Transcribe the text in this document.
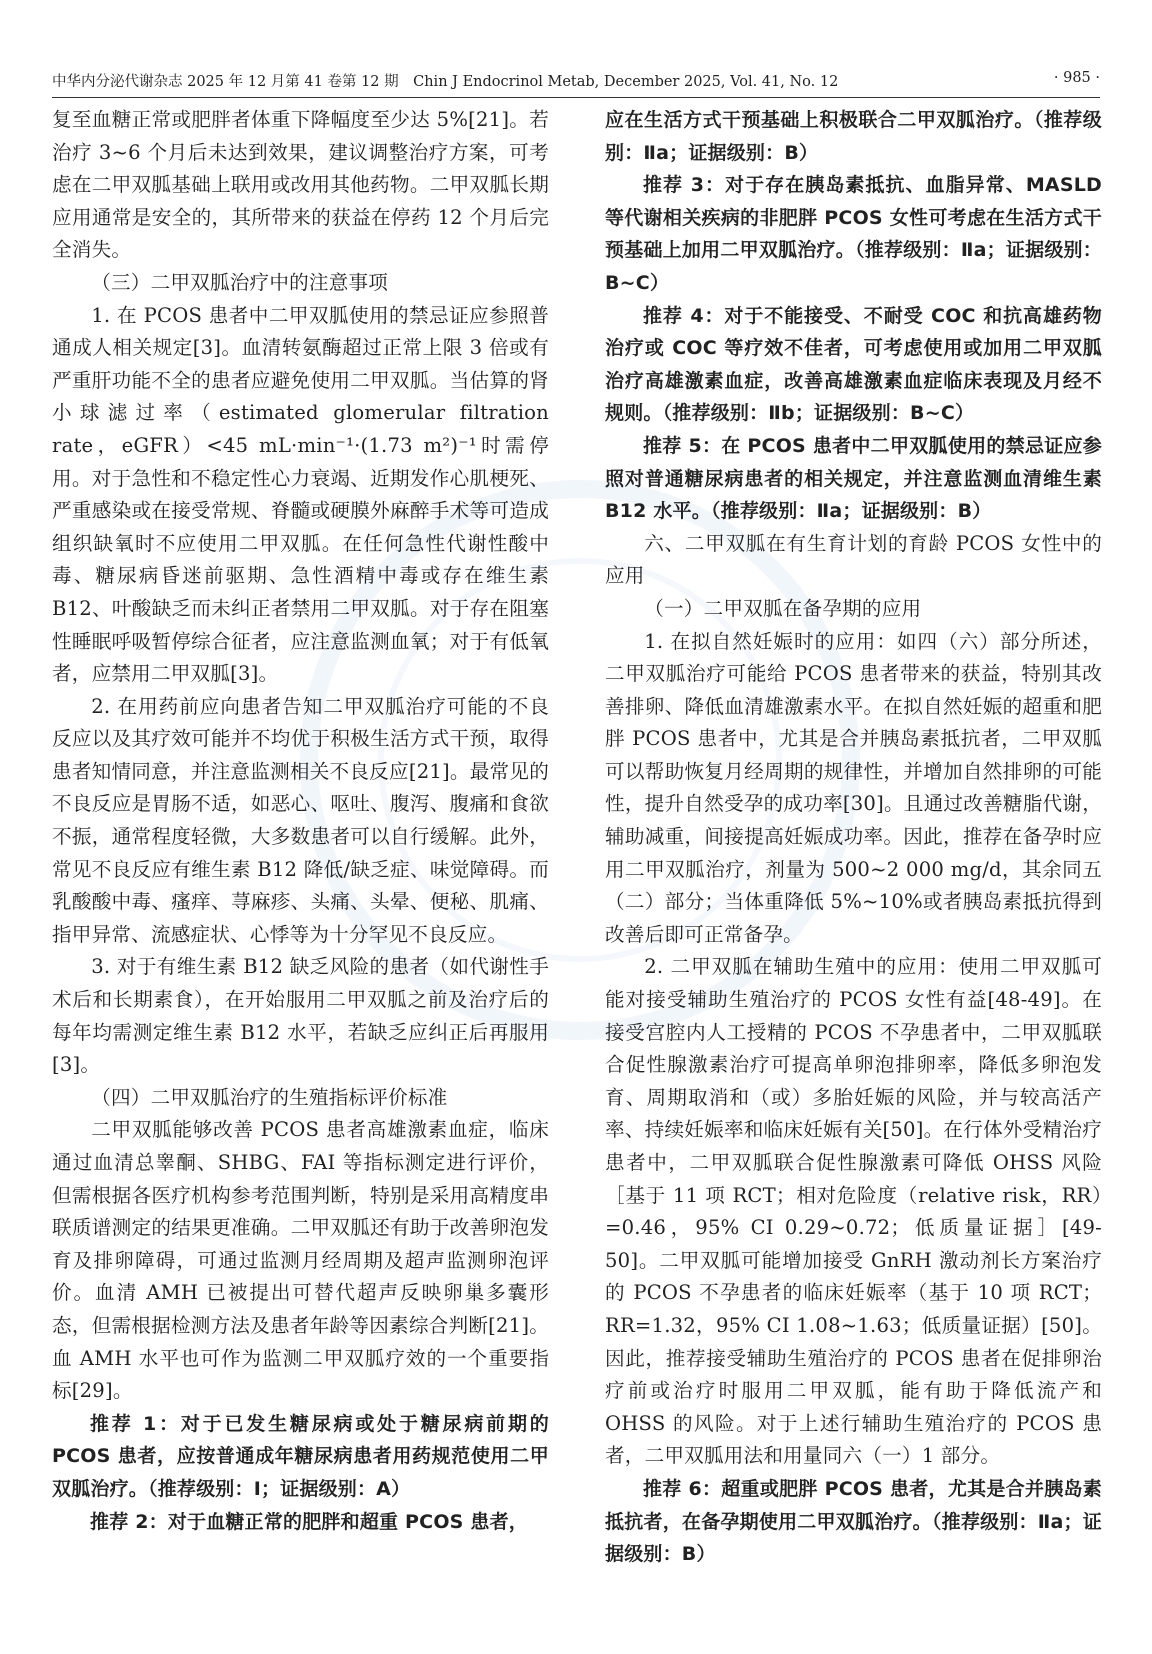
中华内分泌代谢杂志 2025 年 12 月第 41 卷第 12 期　Chin J Endocrinol Metab, December 2025, Vol. 41, No. 12	· 985 ·

复至血糖正常或肥胖者体重下降幅度至少达 5%[21]。若治疗 3~6 个月后未达到效果，建议调整治疗方案，可考虑在二甲双胍基础上联用或改用其他药物。二甲双胍长期应用通常是安全的，其所带来的获益在停药 12 个月后完全消失。

（三）二甲双胍治疗中的注意事项

1. 在 PCOS 患者中二甲双胍使用的禁忌证应参照普通成人相关规定[3]。血清转氨酶超过正常上限 3 倍或有严重肝功能不全的患者应避免使用二甲双胍。当估算的肾小球滤过率（estimated glomerular filtration rate，eGFR）<45 mL·min⁻¹·(1.73 m²)⁻¹时需停用。对于急性和不稳定性心力衰竭、近期发作心肌梗死、严重感染或在接受常规、脊髓或硬膜外麻醉手术等可造成组织缺氧时不应使用二甲双胍。在任何急性代谢性酸中毒、糖尿病昏迷前驱期、急性酒精中毒或存在维生素 B12、叶酸缺乏而未纠正者禁用二甲双胍。对于存在阻塞性睡眠呼吸暂停综合征者，应注意监测血氧；对于有低氧者，应禁用二甲双胍[3]。

2. 在用药前应向患者告知二甲双胍治疗可能的不良反应以及其疗效可能并不均优于积极生活方式干预，取得患者知情同意，并注意监测相关不良反应[21]。最常见的不良反应是胃肠不适，如恶心、呕吐、腹泻、腹痛和食欲不振，通常程度轻微，大多数患者可以自行缓解。此外，常见不良反应有维生素 B12 降低/缺乏症、味觉障碍。而乳酸酸中毒、瘙痒、荨麻疹、头痛、头晕、便秘、肌痛、指甲异常、流感症状、心悸等为十分罕见不良反应。

3. 对于有维生素 B12 缺乏风险的患者（如代谢性手术后和长期素食），在开始服用二甲双胍之前及治疗后的每年均需测定维生素 B12 水平，若缺乏应纠正后再服用[3]。

（四）二甲双胍治疗的生殖指标评价标准

二甲双胍能够改善 PCOS 患者高雄激素血症，临床通过血清总睾酮、SHBG、FAI 等指标测定进行评价，但需根据各医疗机构参考范围判断，特别是采用高精度串联质谱测定的结果更准确。二甲双胍还有助于改善卵泡发育及排卵障碍，可通过监测月经周期及超声监测卵泡评价。血清 AMH 已被提出可替代超声反映卵巢多囊形态，但需根据检测方法及患者年龄等因素综合判断[21]。血 AMH 水平也可作为监测二甲双胍疗效的一个重要指标[29]。

推荐 1：对于已发生糖尿病或处于糖尿病前期的 PCOS 患者，应按普通成年糖尿病患者用药规范使用二甲双胍治疗。（推荐级别：Ⅰ；证据级别：A）

推荐 2：对于血糖正常的肥胖和超重 PCOS 患者，

应在生活方式干预基础上积极联合二甲双胍治疗。（推荐级别：Ⅱa；证据级别：B）

推荐 3：对于存在胰岛素抵抗、血脂异常、MASLD 等代谢相关疾病的非肥胖 PCOS 女性可考虑在生活方式干预基础上加用二甲双胍治疗。（推荐级别：Ⅱa；证据级别：B~C）

推荐 4：对于不能接受、不耐受 COC 和抗高雄药物治疗或 COC 等疗效不佳者，可考虑使用或加用二甲双胍治疗高雄激素血症，改善高雄激素血症临床表现及月经不规则。（推荐级别：Ⅱb；证据级别：B~C）

推荐 5：在 PCOS 患者中二甲双胍使用的禁忌证应参照对普通糖尿病患者的相关规定，并注意监测血清维生素 B12 水平。（推荐级别：Ⅱa；证据级别：B）

六、二甲双胍在有生育计划的育龄 PCOS 女性中的应用

（一）二甲双胍在备孕期的应用

1. 在拟自然妊娠时的应用：如四（六）部分所述，二甲双胍治疗可能给 PCOS 患者带来的获益，特别其改善排卵、降低血清雄激素水平。在拟自然妊娠的超重和肥胖 PCOS 患者中，尤其是合并胰岛素抵抗者，二甲双胍可以帮助恢复月经周期的规律性，并增加自然排卵的可能性，提升自然受孕的成功率[30]。且通过改善糖脂代谢，辅助减重，间接提高妊娠成功率。因此，推荐在备孕时应用二甲双胍治疗，剂量为 500~2 000 mg/d，其余同五（二）部分；当体重降低 5%~10%或者胰岛素抵抗得到改善后即可正常备孕。

2. 二甲双胍在辅助生殖中的应用：使用二甲双胍可能对接受辅助生殖治疗的 PCOS 女性有益[48-49]。在接受宫腔内人工授精的 PCOS 不孕患者中，二甲双胍联合促性腺激素治疗可提高单卵泡排卵率，降低多卵泡发育、周期取消和（或）多胎妊娠的风险，并与较高活产率、持续妊娠率和临床妊娠有关[50]。在行体外受精治疗患者中，二甲双胍联合促性腺激素可降低 OHSS 风险［基于 11 项 RCT；相对危险度（relative risk，RR）=0.46，95% CI 0.29~0.72；低质量证据］[49-50]。二甲双胍可能增加接受 GnRH 激动剂长方案治疗的 PCOS 不孕患者的临床妊娠率（基于 10 项 RCT；RR=1.32，95% CI 1.08~1.63；低质量证据）[50]。因此，推荐接受辅助生殖治疗的 PCOS 患者在促排卵治疗前或治疗时服用二甲双胍，能有助于降低流产和 OHSS 的风险。对于上述行辅助生殖治疗的 PCOS 患者，二甲双胍用法和用量同六（一）1 部分。

推荐 6：超重或肥胖 PCOS 患者，尤其是合并胰岛素抵抗者，在备孕期使用二甲双胍治疗。（推荐级别：Ⅱa；证据级别：B）
